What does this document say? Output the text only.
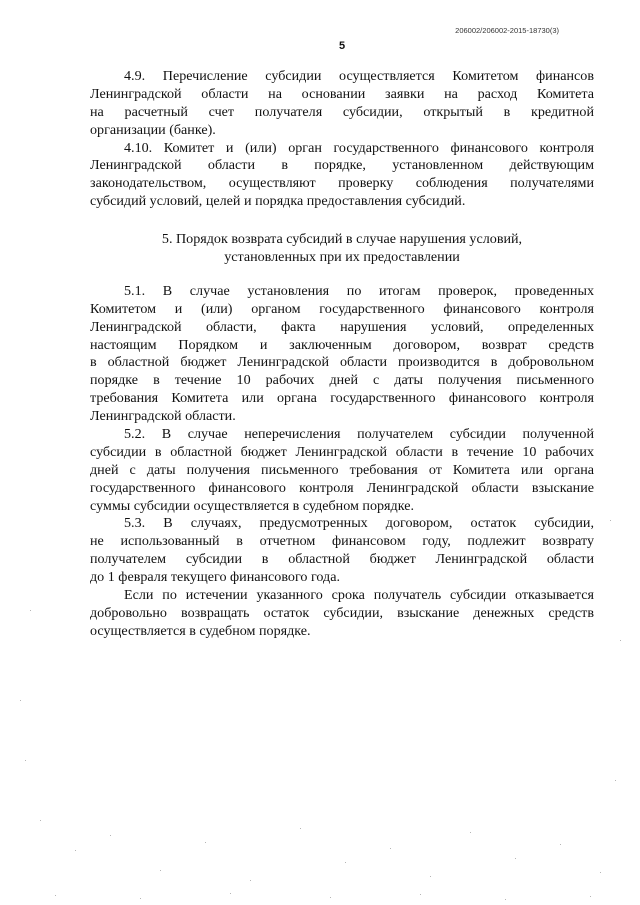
206002/206002-2015-18730(3)

5

4.9. Перечисление субсидии осуществляется Комитетом финансов
Ленинградской области на основании заявки на расход Комитета
на расчетный счет получателя субсидии, открытый в кредитной
организации (банке).
4.10. Комитет и (или) орган государственного финансового контроля
Ленинградской области в порядке, установленном действующим
законодательством, осуществляют проверку соблюдения получателями
субсидий условий, целей и порядка предоставления субсидий.
5. Порядок возврата субсидий в случае нарушения условий,
установленных при их предоставлении
5.1. В случае установления по итогам проверок, проведенных
Комитетом и (или) органом государственного финансового контроля
Ленинградской области, факта нарушения условий, определенных
настоящим Порядком и заключенным договором, возврат средств
в областной бюджет Ленинградской области производится в добровольном
порядке в течение 10 рабочих дней с даты получения письменного
требования Комитета или органа государственного финансового контроля
Ленинградской области.
5.2. В случае неперечисления получателем субсидии полученной
субсидии в областной бюджет Ленинградской области в течение 10 рабочих
дней с даты получения письменного требования от Комитета или органа
государственного финансового контроля Ленинградской области взыскание
суммы субсидии осуществляется в судебном порядке.
5.3. В случаях, предусмотренных договором, остаток субсидии,
не использованный в отчетном финансовом году, подлежит возврату
получателем субсидии в областной бюджет Ленинградской области
до 1 февраля текущего финансового года.
Если по истечении указанного срока получатель субсидии отказывается
добровольно возвращать остаток субсидии, взыскание денежных средств
осуществляется в судебном порядке.
